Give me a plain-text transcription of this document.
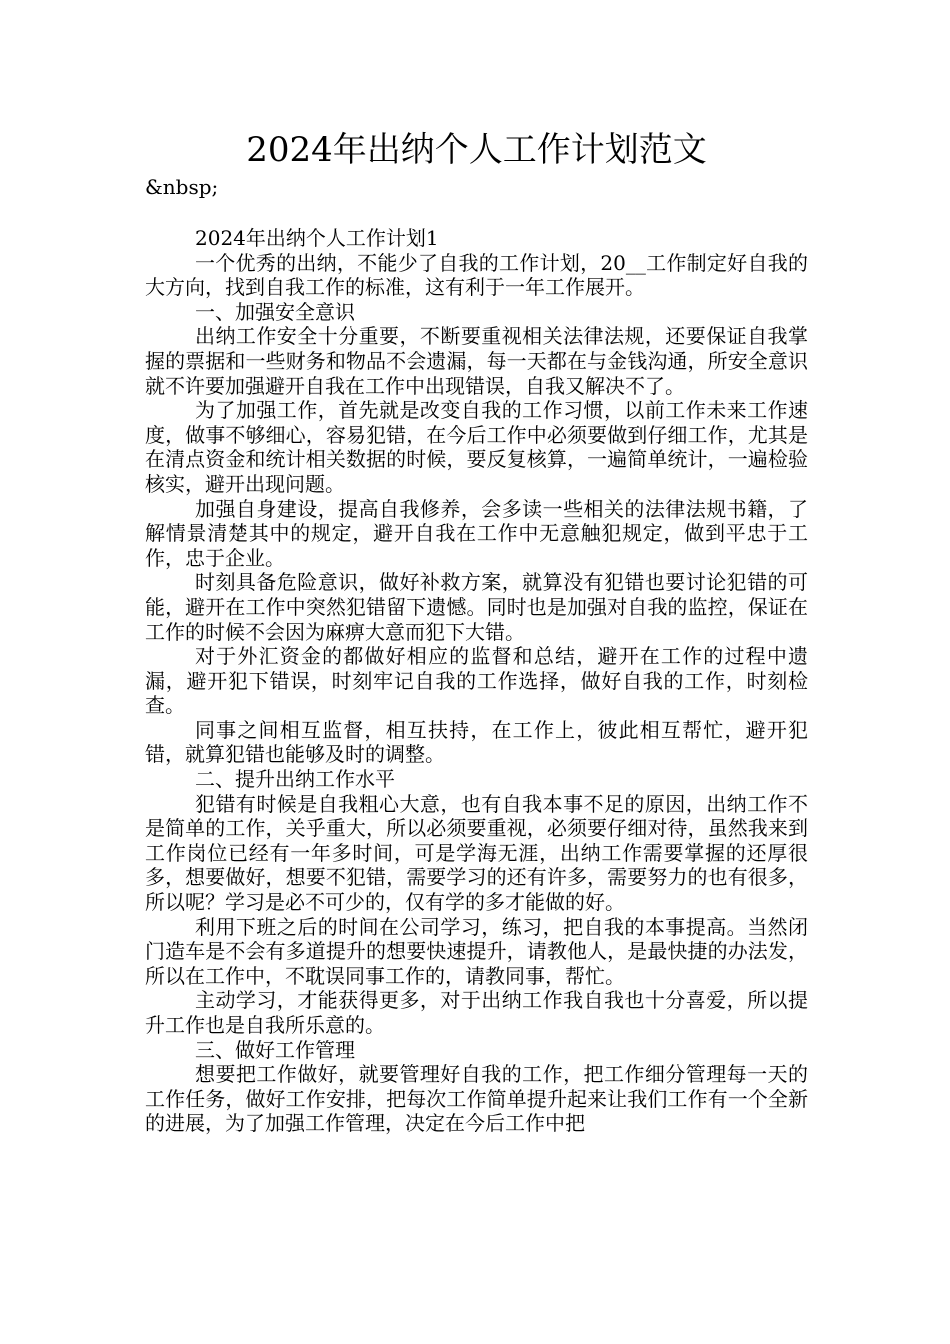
2024年出纳个人工作计划范文
&nbsp;

2024年出纳个人工作计划1

一个优秀的出纳，不能少了自我的工作计划，20__工作制定好自我的大方向，找到自我工作的标准，这有利于一年工作展开。

一、加强安全意识

出纳工作安全十分重要，不断要重视相关法律法规，还要保证自我掌握的票据和一些财务和物品不会遗漏，每一天都在与金钱沟通，所安全意识就不许要加强避开自我在工作中出现错误，自我又解决不了。

为了加强工作，首先就是改变自我的工作习惯，以前工作未来工作速度，做事不够细心，容易犯错，在今后工作中必须要做到仔细工作，尤其是在清点资金和统计相关数据的时候，要反复核算，一遍简单统计，一遍检验核实，避开出现问题。

加强自身建设，提高自我修养，会多读一些相关的法律法规书籍，了解情景清楚其中的规定，避开自我在工作中无意触犯规定，做到平忠于工作，忠于企业。

时刻具备危险意识，做好补救方案，就算没有犯错也要讨论犯错的可能，避开在工作中突然犯错留下遗憾。同时也是加强对自我的监控，保证在工作的时候不会因为麻痹大意而犯下大错。

对于外汇资金的都做好相应的监督和总结，避开在工作的过程中遗漏，避开犯下错误，时刻牢记自我的工作选择，做好自我的工作，时刻检查。

同事之间相互监督，相互扶持，在工作上，彼此相互帮忙，避开犯错，就算犯错也能够及时的调整。

二、提升出纳工作水平

犯错有时候是自我粗心大意，也有自我本事不足的原因，出纳工作不是简单的工作，关乎重大，所以必须要重视，必须要仔细对待，虽然我来到工作岗位已经有一年多时间，可是学海无涯，出纳工作需要掌握的还厚很多，想要做好，想要不犯错，需要学习的还有许多，需要努力的也有很多，所以呢？学习是必不可少的，仅有学的多才能做的好。

利用下班之后的时间在公司学习，练习，把自我的本事提高。当然闭门造车是不会有多道提升的想要快速提升，请教他人，是最快捷的办法发，所以在工作中，不耽误同事工作的，请教同事，帮忙。

主动学习，才能获得更多，对于出纳工作我自我也十分喜爱，所以提升工作也是自我所乐意的。

三、做好工作管理

想要把工作做好，就要管理好自我的工作，把工作细分管理每一天的工作任务，做好工作安排，把每次工作简单提升起来让我们工作有一个全新的进展，为了加强工作管理，决定在今后工作中把
